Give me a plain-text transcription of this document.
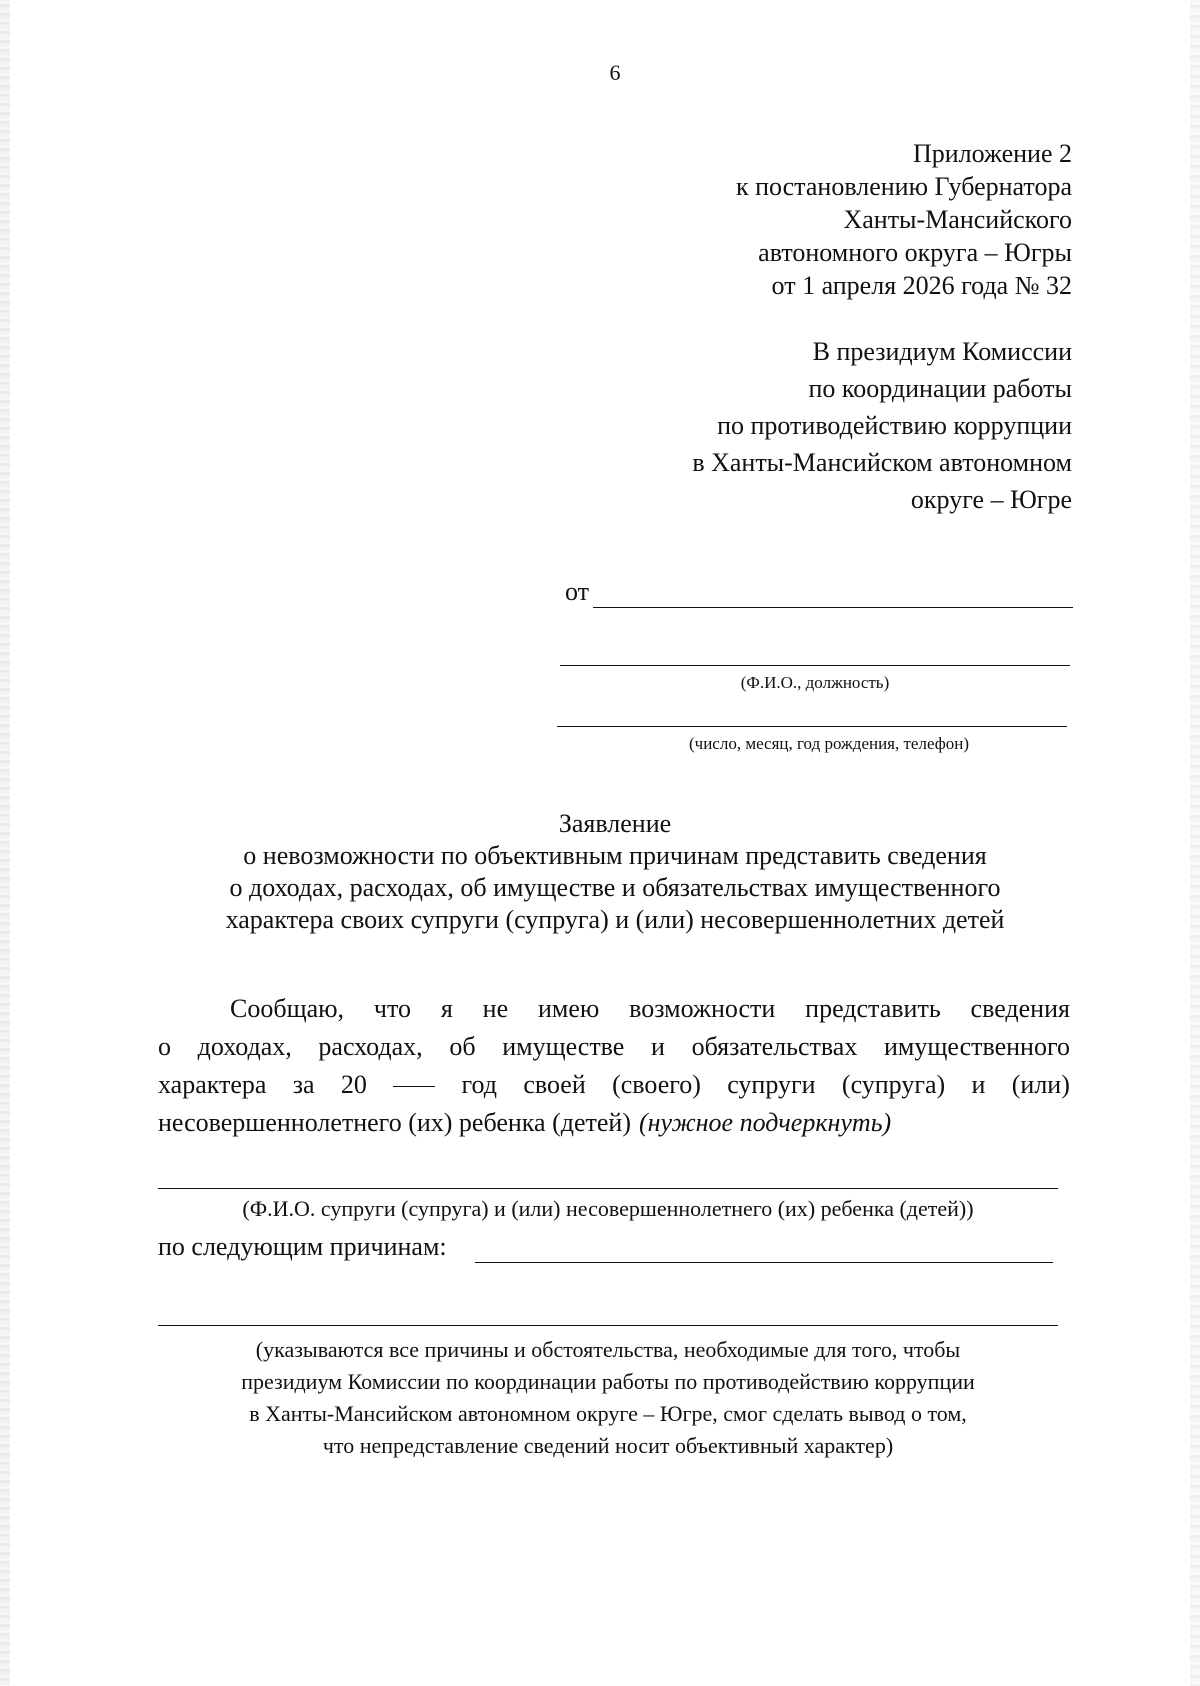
6
Приложение 2
к постановлению Губернатора
Ханты-Мансийского
автономного округа – Югры
от 1 апреля 2026 года № 32
В президиум Комиссии
по координации работы
по противодействию коррупции
в Ханты-Мансийском автономном
округе – Югре
от
(Ф.И.О., должность)
(число, месяц, год рождения, телефон)
Заявление
о невозможности по объективным причинам представить сведения
о доходах, расходах, об имуществе и обязательствах имущественного
характера своих супруги (супруга) и (или) несовершеннолетних детей
Сообщаю, что я не имею возможности представить сведения
о доходах, расходах, об имуществе и обязательствах имущественного
характера за 20	год своей (своего) супруги (супруга) и (или)
несовершеннолетнего (их) ребенка (детей) (нужное подчеркнуть)
(Ф.И.О. супруги (супруга) и (или) несовершеннолетнего (их) ребенка (детей))
по следующим причинам:
(указываются все причины и обстоятельства, необходимые для того, чтобы
президиум Комиссии по координации работы по противодействию коррупции
в Ханты-Мансийском автономном округе – Югре, смог сделать вывод о том,
что непредставление сведений носит объективный характер)
